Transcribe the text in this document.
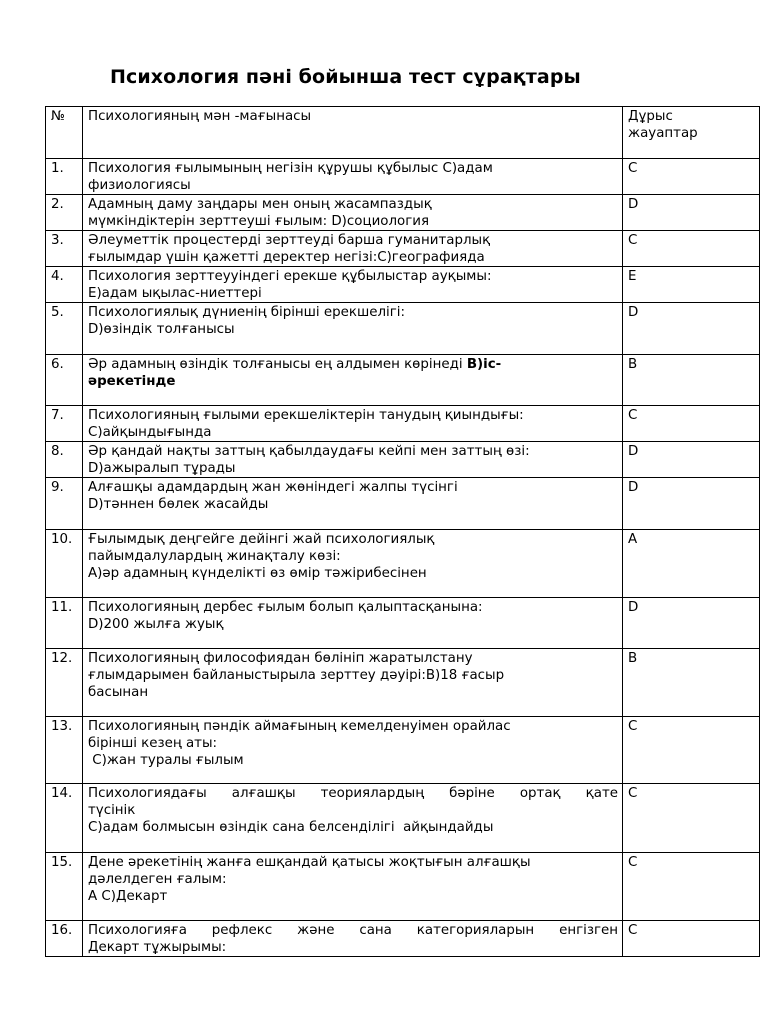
Психология пәні бойынша тест сұрақтары
№	Психологияның мән -мағынасы	Дұрыс
жауаптар

1.	Психология ғылымының негізін құрушы құбылыс С)адам
физиологиясы	C
2.	Адамның даму заңдары мен оның жасампаздық
мүмкіндіктерін зерттеуші ғылым: D)социология	D
3.	Әлеуметтік процестерді зерттеуді барша гуманитарлық
ғылымдар үшін қажетті деректер негізі:С)географияда	C
4.	Психология зерттеууіндегі ерекше құбылыстар ауқымы:
Е)адам ықылас-ниеттері	E
5.	Психологиялық дүниенің бірінші ерекшелігі:
D)өзіндік толғанысы	D
6.	Әр адамның өзіндік толғанысы ең алдымен көрінеді В)іс-
әрекетінде	B
7.	Психологияның ғылыми ерекшеліктерін танудың қиындығы:
С)айқындығында	C
8.	Әр қандай нақты заттың қабылдаудағы кейпі мен заттың өзі:
D)ажыралып тұрады	D
9.	Алғашқы адамдардың жан жөніндегі жалпы түсінгі
D)тәннен бөлек жасайды	D
10.	Ғылымдық деңгейге дейінгі жай психологиялық
пайымдалулардың жинақталу көзі:
А)әр адамның күнделікті өз өмір тәжірибесінен	A
11.	Психологияның дербес ғылым болып қалыптасқанына:
D)200 жылға жуық	D
12.	Психологияның философиядан бөлініп жаратылстану
ғлымдарымен байланыстырыла зерттеу дәуірі:В)18 ғасыр
басынан	B
13.	Психологияның пәндік аймағының кемелденуімен орайлас
бірінші кезең аты:
С)жан туралы ғылым	C
14.	Психологиядағы алғашқы теориялардың бәріне ортақ қате
түсінік
С)адам болмысын өзіндік сана белсенділігі  айқындайды	C
15.	Дене әрекетінің жанға ешқандай қатысы жоқтығын алғашқы
дәлелдеген ғалым:
А С)Декарт	C
16.	Психологияға рефлекс және сана категорияларын енгізген
Декарт тұжырымы:	C
